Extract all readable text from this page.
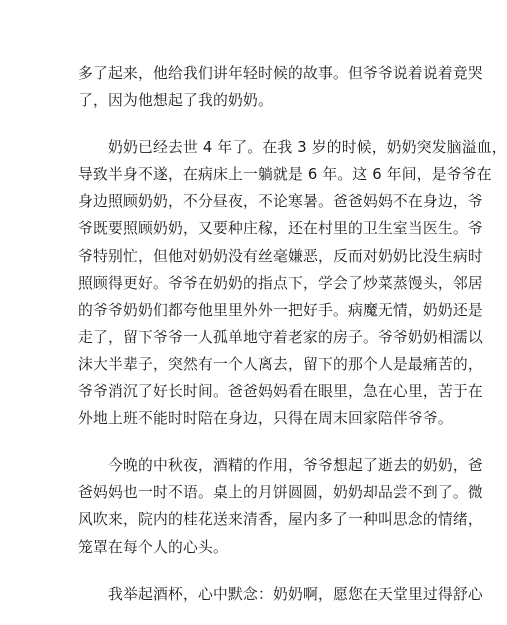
多了起来，他给我们讲年轻时候的故事。但爷爷说着说着竟哭
了，因为他想起了我的奶奶。
奶奶已经去世 4 年了。在我 3 岁的时候，奶奶突发脑溢血，
导致半身不遂，在病床上一躺就是 6 年。这 6 年间，是爷爷在
身边照顾奶奶，不分昼夜，不论寒暑。爸爸妈妈不在身边，爷
爷既要照顾奶奶，又要种庄稼，还在村里的卫生室当医生。爷
爷特别忙，但他对奶奶没有丝毫嫌恶，反而对奶奶比没生病时
照顾得更好。爷爷在奶奶的指点下，学会了炒菜蒸馒头，邻居
的爷爷奶奶们都夸他里里外外一把好手。病魔无情，奶奶还是
走了，留下爷爷一人孤单地守着老家的房子。爷爷奶奶相濡以
沫大半辈子，突然有一个人离去，留下的那个人是最痛苦的，
爷爷消沉了好长时间。爸爸妈妈看在眼里，急在心里，苦于在
外地上班不能时时陪在身边，只得在周末回家陪伴爷爷。
今晚的中秋夜，酒精的作用，爷爷想起了逝去的奶奶，爸
爸妈妈也一时不语。桌上的月饼圆圆，奶奶却品尝不到了。微
风吹来，院内的桂花送来清香，屋内多了一种叫思念的情绪，
笼罩在每个人的心头。
我举起酒杯，心中默念：奶奶啊，愿您在天堂里过得舒心
